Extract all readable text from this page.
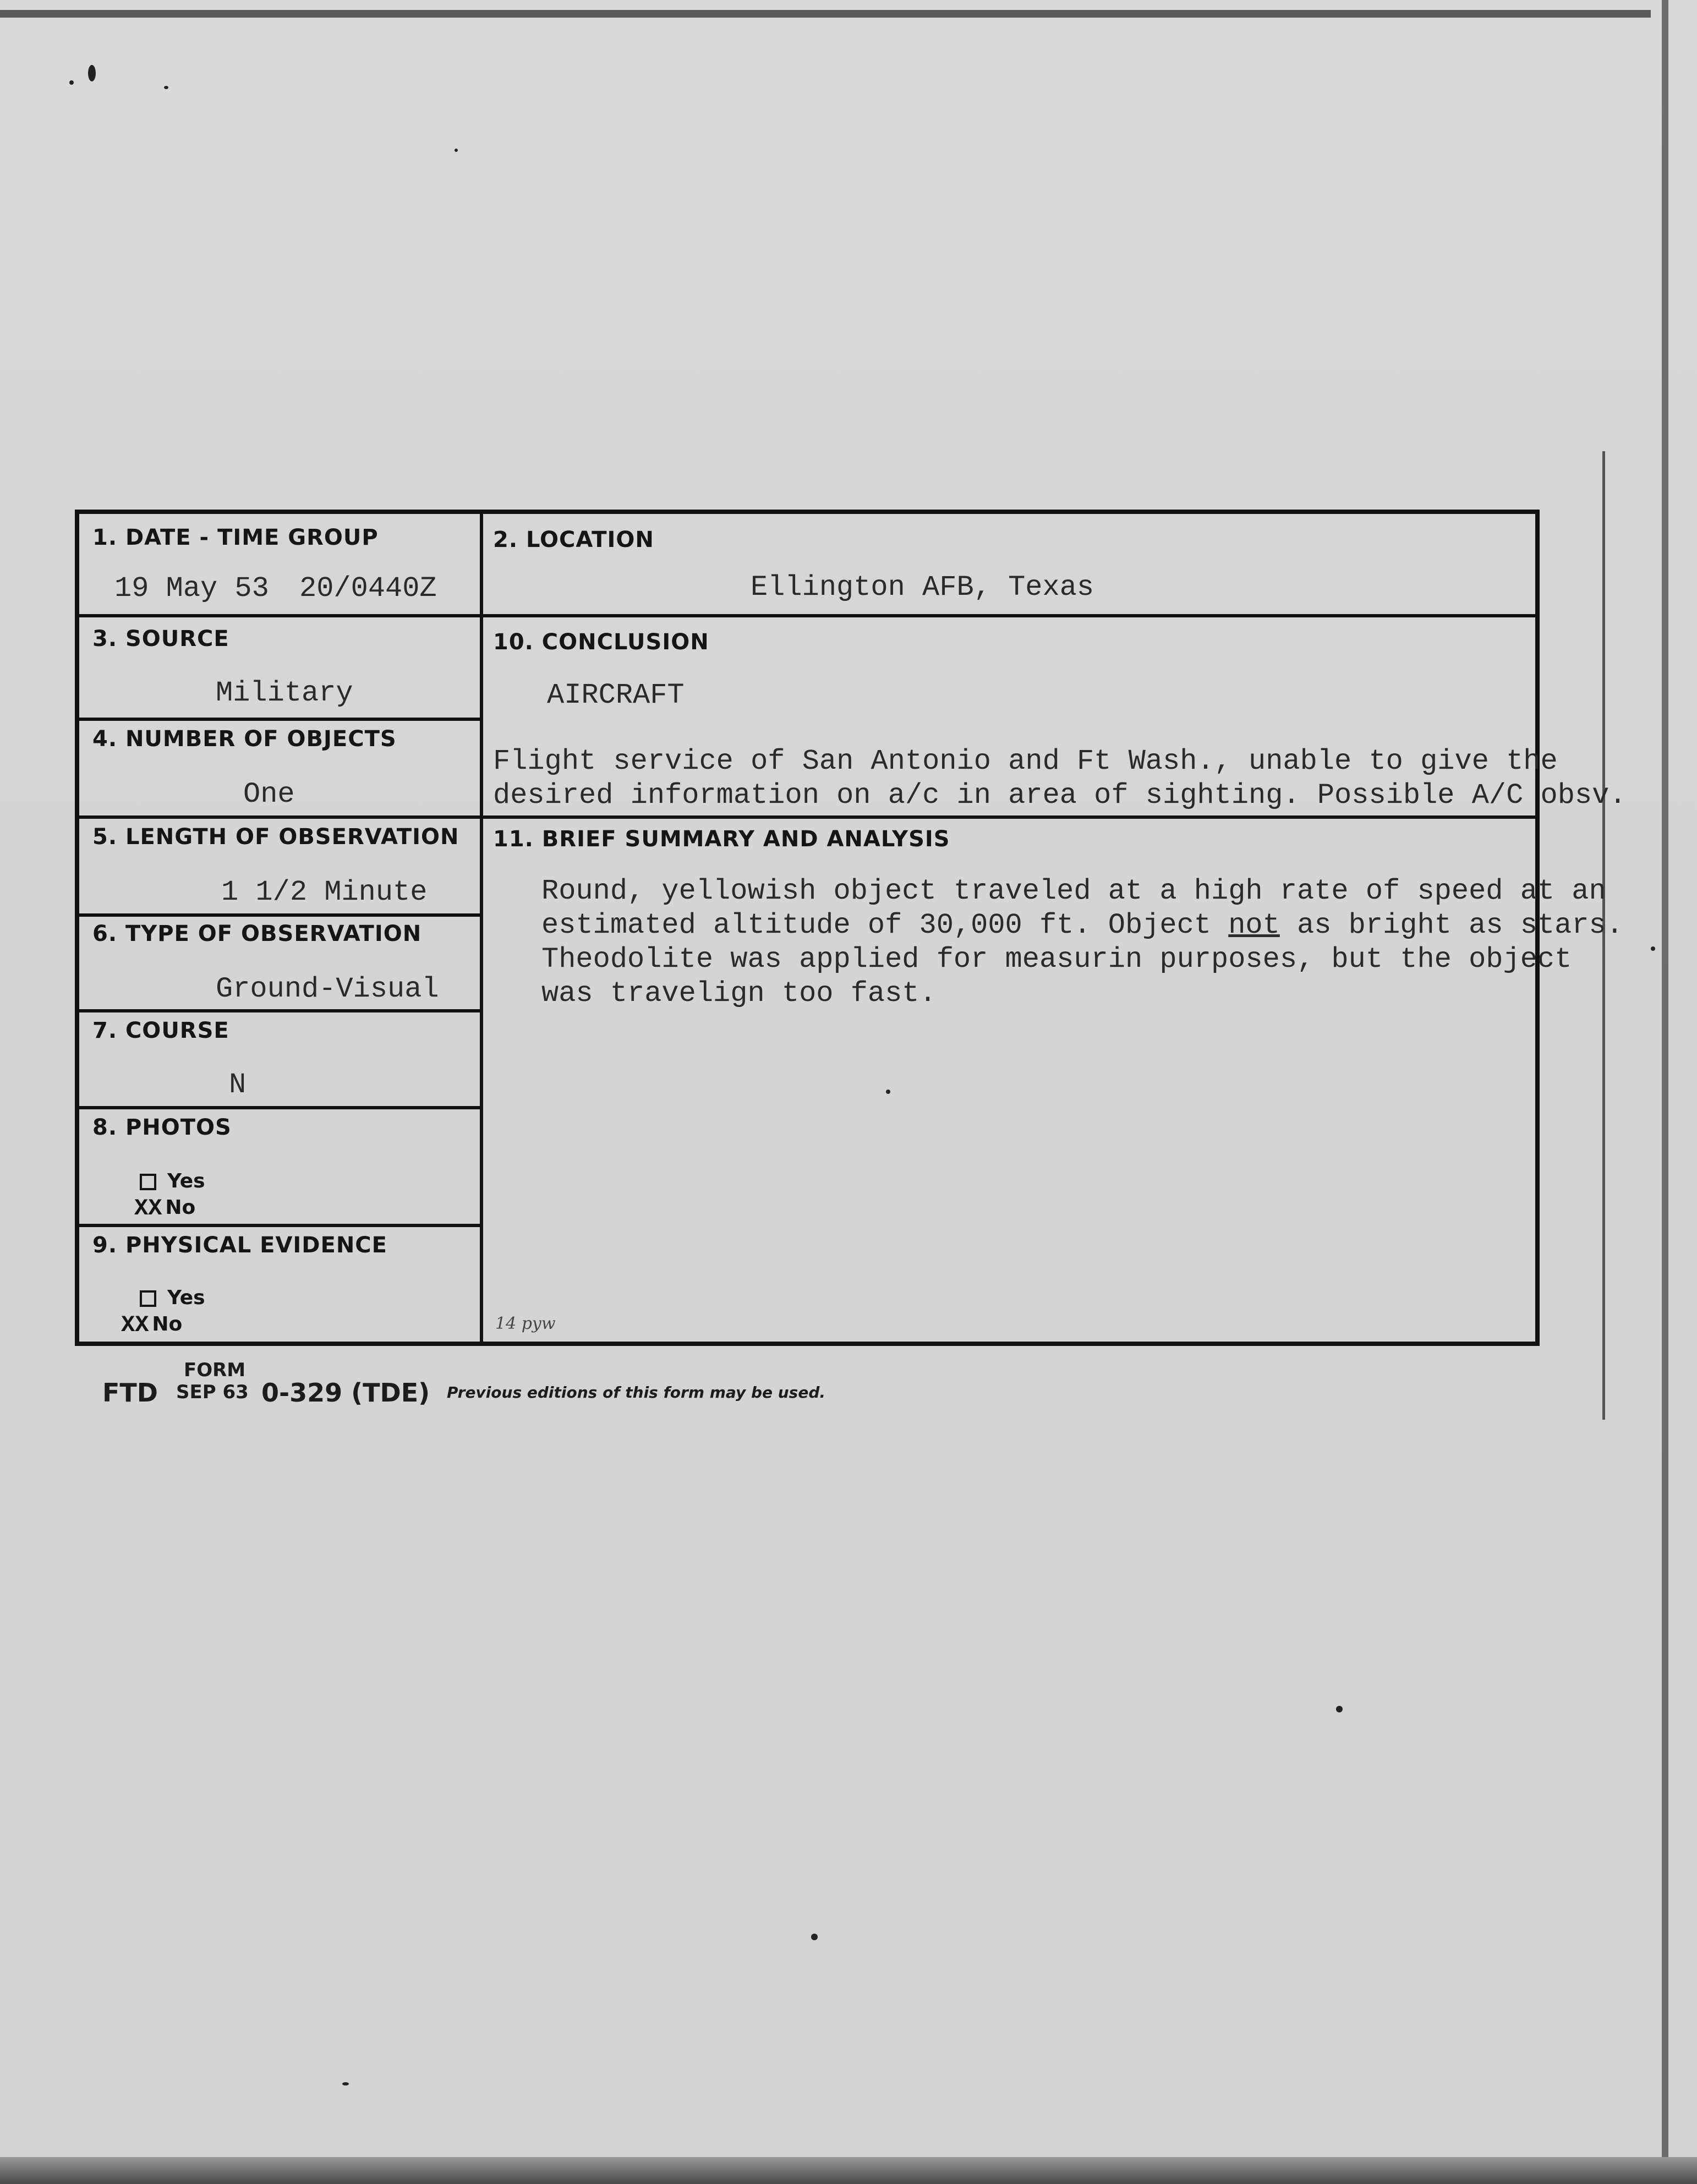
1. DATE - TIME GROUP
19 May 53 20/0440Z
2. LOCATION
Ellington AFB, Texas
3. SOURCE
Military
10. CONCLUSION
AIRCRAFT
Flight service of San Antonio and Ft Wash., unable to give the
desired information on a/c in area of sighting. Possible A/C obsv.
4. NUMBER OF OBJECTS
One
5. LENGTH OF OBSERVATION
1 1/2 Minute
11. BRIEF SUMMARY AND ANALYSIS
Round, yellowish object traveled at a high rate of speed at an
estimated altitude of 30,000 ft. Object not as bright as stars.
Theodolite was applied for measurin purposes, but the object
was travelign too fast.
6. TYPE OF OBSERVATION
Ground-Visual
7. COURSE
N
8. PHOTOS
Yes
XX No
9. PHYSICAL EVIDENCE
Yes
XX No	14 pyw
FORM
FTD SEP 63 0-329 (TDE) Previous editions of this form may be used.
